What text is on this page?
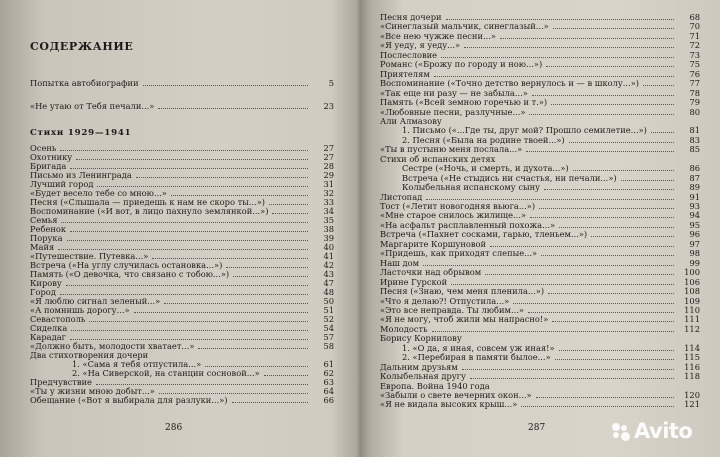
СОДЕРЖАНИЕ
Попытка автобиографии	5
«Не утаю от Тебя печали...»	23
Стихи 1929—1941
Осень	27
Охотнику	27
Бригада	28
Письмо из Ленинграда	29
Лучший город	31
«Будет весело тебе со мною...»	32
Песня («Слышала — приедешь к нам не скоро ты...»)	33
Воспоминание («И вот, в лицо пахнуло землянкой...»)	34
Семья	35
Ребенок	38
Порука	39
Майя	40
«Путешествие. Путевка...»	41
Встреча («На углу случилась остановка...»)	42
Память («О девочка, что связано с тобою...»)	43
Кирову	47
Город	48
«Я люблю сигнал зеленый...»	50
«А помнишь дорогу...»	51
Севастополь	52
Сиделка	54
Карадаг	57
«Должно быть, молодости хватает...»	58
Два стихотворения дочери
1. «Сама я тебя отпустила...»	61
2. «На Сиверской, на станции сосновой...»	62
Предчувствие	63
«Ты у жизни мною добыт...»	64
Обещание («Вот я выбирала для разлуки...»)	66
286
Песня дочери	68
«Синеглазый мальчик, синеглазый...»	70
«Все нею чужже песни...»	71
«Я уеду, я уеду...»	72
Послесловие	73
Романс («Брожу по городу и ною...»)	75
Приятелям	76
Воспоминание («Точно детство вернулось и — в школу...»)	77
«Так еще ни разу — не забыла...»	78
Память («Всей земною горечью и т.»)	79
«Любовные песни, разлучные...»	80
Али Алмазову
1. Письмо («...Где ты, друг мой? Прошло семилетие...»)	81
2. Песня («Была на родине твоей...»)	83
«Ты в пустыню меня послала...»	85
Стихи об испанских детях
Сестре («Ночь, и смерть, и духота...»)	86
Встреча («Не стыдись ни счастья, ни печали...»)	87
Колыбельная испанскому сыну	89
Листопад	91
Тост («Летит новогодняя вьюга...»)	93
«Мне старое снилось жилище...»	94
«На асфальт расплавленный похожа...»	95
Встреча («Пахнет сосками, гарью, тленьем...»)	96
Маргарите Коршуновой	97
«Придешь, как приходят слепые...»	98
Наш дом	99
Ласточки над обрывом	100
Ирине Гурской	106
Песня («Знаю, чем меня пленила...»)	108
«Что я делаю?! Отпустила...»	109
«Это все неправда. Ты любим...»	110
«Я не могу, чтоб жили мы напрасно!»	111
Молодость	112
Борису Корнилову
1. «О да, я иная, совсем уж иная!»	114
2. «Перебирая в памяти былое...»	115
Дальним друзьям	116
Колыбельная другу	118
Европа. Война 1940 года
«Забыли о свете вечерних окон...»	120
«Я не видала высоких крыш...»	121
287	Avito
